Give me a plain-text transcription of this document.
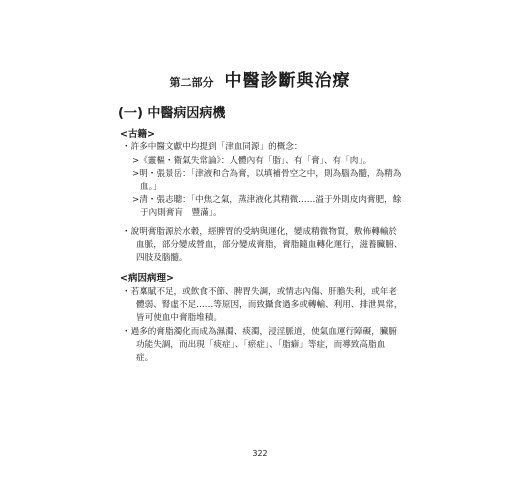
第二部分 中醫診斷與治療
(一) 中醫病因病機
<古籍>
・許多中醫文獻中均提到「津血同源」的概念：
>《靈樞・衛氣失常論》：人體內有「脂」、有「膏」、有「肉」。
>明・張景岳：「津液和合為膏，以填補骨空之中，則為腦為髓，為精為
血。」
>清・張志聰：「中焦之氣，蒸津液化其精微……溢于外則皮肉膏肥，餘
于內則膏肓　豐滿」。
・說明膏脂源於水穀，經脾胃的受納與運化，變成精微物質，敷佈轉輸於
血脈，部分變成營血，部分變成膏脂，膏脂隨血轉化運行，滋養臟腑、
四肢及腦髓。
<病因病理>
・若稟賦不足，或飲食不節、脾胃失調，或情志內傷、肝膽失利，或年老
體弱、腎虛不足……等原因，而致攝食過多或轉輸、利用、排泄異常，
皆可使血中膏脂堆積。
・過多的膏脂濁化而成為濕濁、痰濁，浸淫脈道，使氣血運行障礙，臟腑
功能失調，而出現「痰症」、「瘀症」、「脂癖」等症，而導致高脂血
症。
322
